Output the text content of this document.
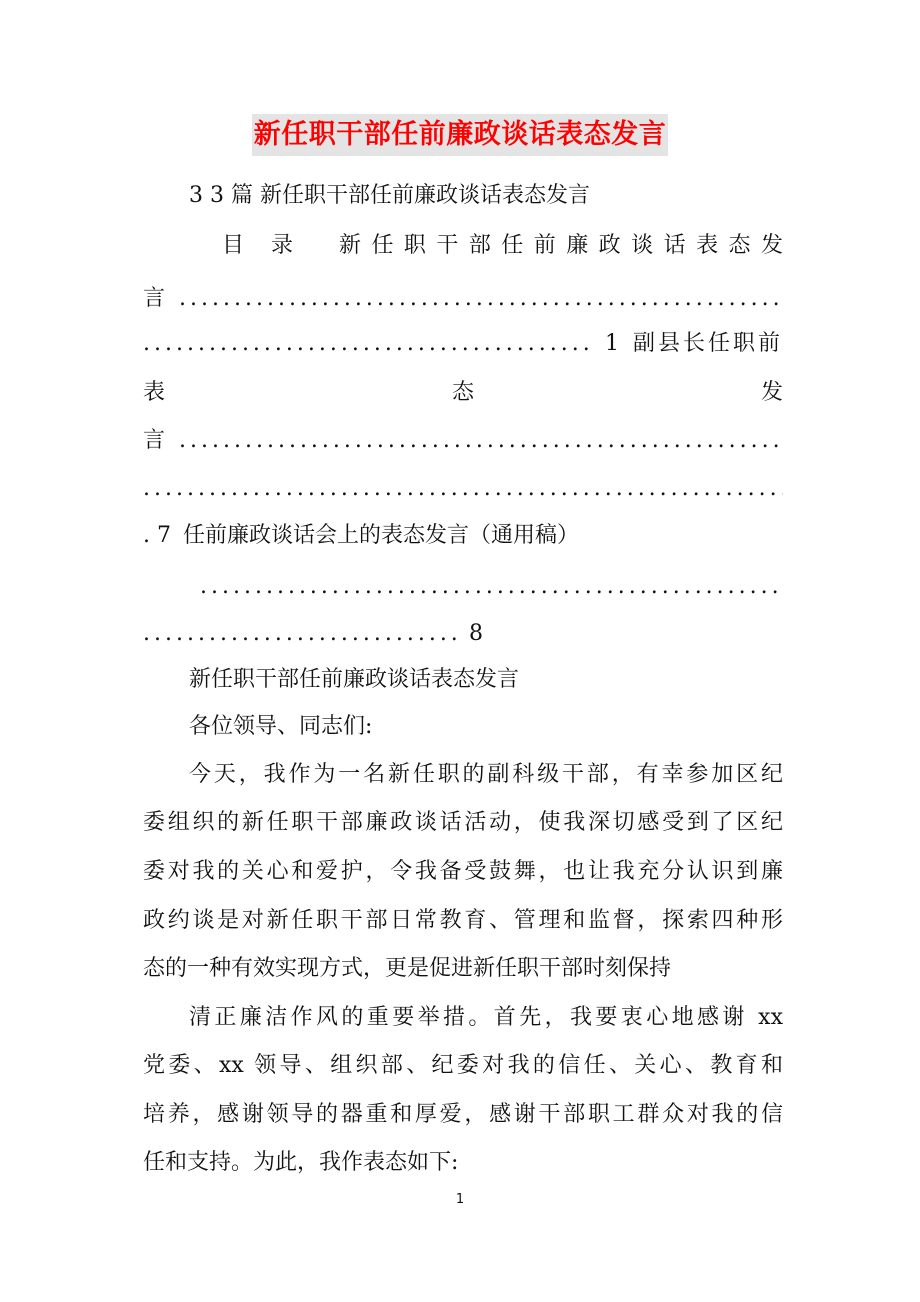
新任职干部任前廉政谈话表态发言
3 3 篇 新任职干部任前廉政谈话表态发言
目 录 新 任 职 干 部 任 前 廉 政 谈 话 表 态 发
言
.....
.....
1 副县长任职前
表	态	发
言
.....
.....
. 7 任前廉政谈话会上的表态发言（通用稿）
.....
.....
8
新任职干部任前廉政谈话表态发言
各位领导、同志们:
今天，我作为一名新任职的副科级干部，有幸参加区纪
委组织的新任职干部廉政谈话活动，使我深切感受到了区纪
委对我的关心和爱护，令我备受鼓舞，也让我充分认识到廉
政约谈是对新任职干部日常教育、管理和监督，探索四种形
态的一种有效实现方式，更是促进新任职干部时刻保持
清正廉洁作风的重要举措。首先，我要衷心地感谢 xx
党委、xx 领导、组织部、纪委对我的信任、关心、教育和
培养，感谢领导的器重和厚爱，感谢干部职工群众对我的信
任和支持。为此，我作表态如下:
1
